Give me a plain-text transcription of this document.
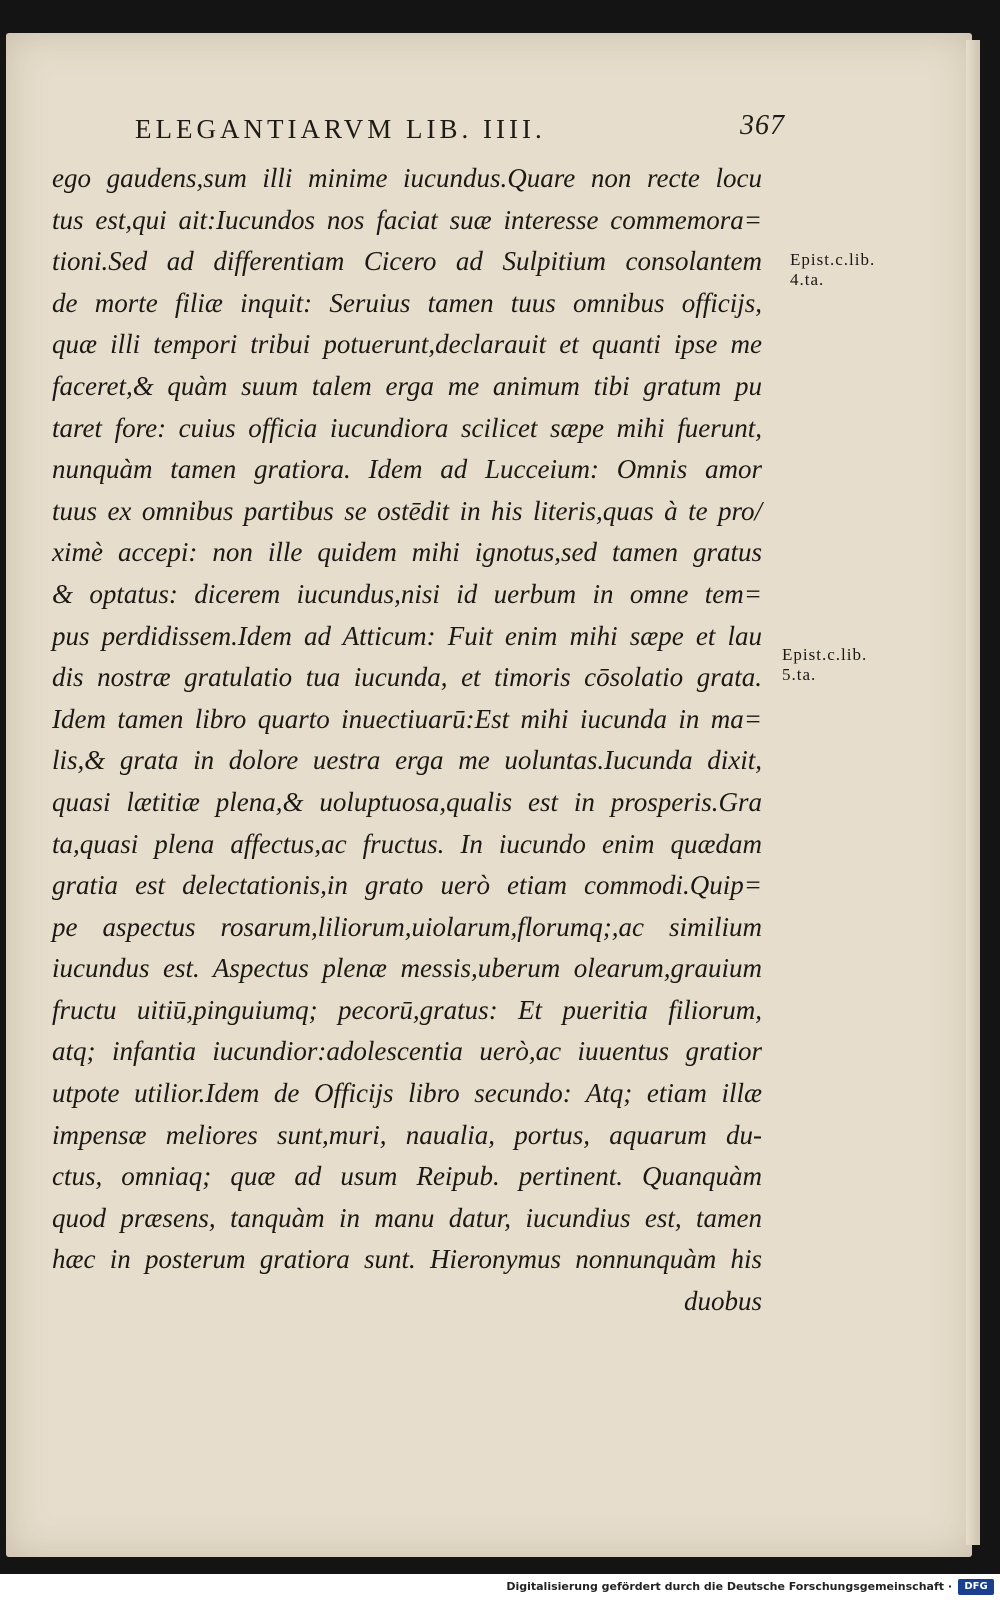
ELEGANTIARVM LIB. IIII.	367
ego gaudens,sum illi minime iucundus.Quare non recte locu
tus est,qui ait:Iucundos nos faciat suæ interesse commemora=
tioni.Sed ad differentiam Cicero ad Sulpitium consolantem
de morte filiæ inquit: Seruius tamen tuus omnibus officijs,
quæ illi tempori tribui potuerunt,declarauit et quanti ipse me
faceret,& quàm suum talem erga me animum tibi gratum pu
taret fore: cuius officia iucundiora scilicet sæpe mihi fuerunt,
nunquàm tamen gratiora. Idem ad Lucceium: Omnis amor
tuus ex omnibus partibus se ostēdit in his literis,quas à te pro/
ximè accepi: non ille quidem mihi ignotus,sed tamen gratus
& optatus: dicerem iucundus,nisi id uerbum in omne tem=
pus perdidissem.Idem ad Atticum: Fuit enim mihi sæpe et lau
dis nostræ gratulatio tua iucunda, et timoris cōsolatio grata.
Idem tamen libro quarto inuectiuarū:Est mihi iucunda in ma=
lis,& grata in dolore uestra erga me uoluntas.Iucunda dixit,
quasi lætitiæ plena,& uoluptuosa,qualis est in prosperis.Gra
ta,quasi plena affectus,ac fructus. In iucundo enim quædam
gratia est delectationis,in grato uerò etiam commodi.Quip=
pe aspectus rosarum,liliorum,uiolarum,florumq;,ac similium
iucundus est. Aspectus plenæ messis,uberum olearum,grauium
fructu uitiū,pinguiumq; pecorū,gratus: Et pueritia filiorum,
atq; infantia iucundior:adolescentia uerò,ac iuuentus gratior
utpote utilior.Idem de Officijs libro secundo: Atq; etiam illæ
impensæ meliores sunt,muri, naualia, portus, aquarum du-
ctus, omniaq; quæ ad usum Reipub. pertinent. Quanquàm
quod præsens, tanquàm in manu datur, iucundius est, tamen
hæc in posterum gratiora sunt. Hieronymus nonnunquàm his
duobus
Epist.c.lib.
4.ta.
Epist.c.lib.
5.ta.
Digitalisierung gefördert durch die Deutsche Forschungsgemeinschaft ·	DFG
